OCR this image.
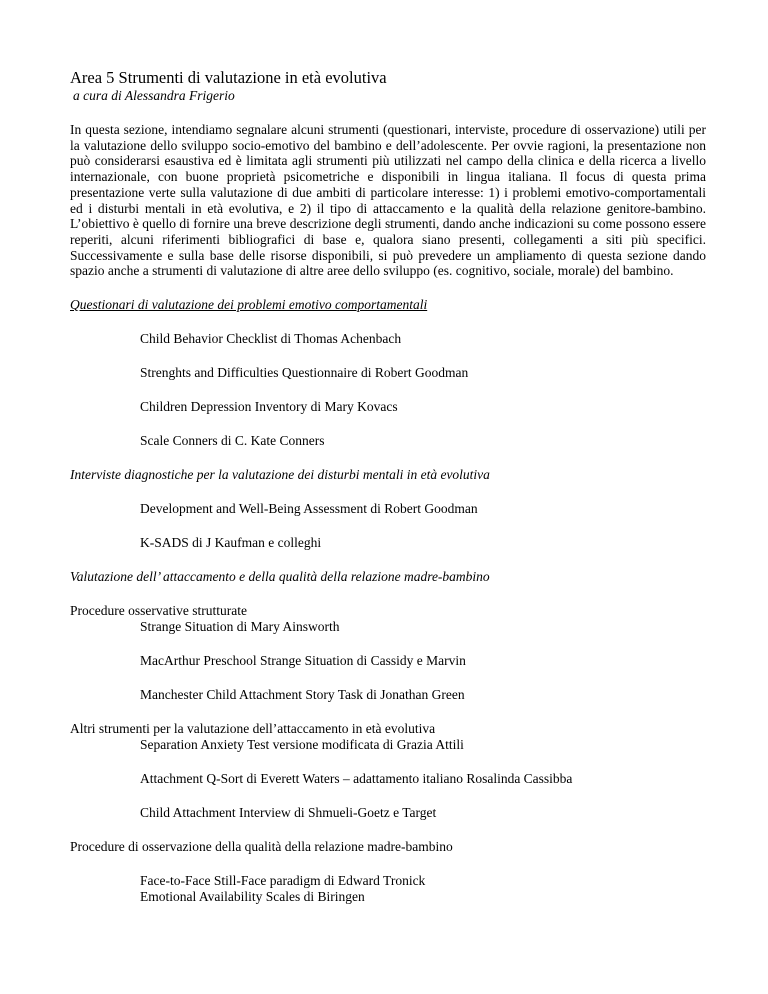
Area 5 Strumenti di valutazione in età evolutiva

a cura di Alessandra Frigerio

In questa sezione, intendiamo segnalare alcuni strumenti (questionari, interviste, procedure di osservazione) utili per la valutazione dello sviluppo socio-emotivo del bambino e dell’adolescente. Per ovvie ragioni, la presentazione non può considerarsi esaustiva ed è limitata agli strumenti più utilizzati nel campo della clinica e della ricerca a livello internazionale, con buone proprietà psicometriche e disponibili in lingua italiana. Il focus di questa prima presentazione verte sulla valutazione di due ambiti di particolare interesse: 1) i problemi emotivo-comportamentali ed i disturbi mentali in età evolutiva, e 2) il tipo di attaccamento e la qualità della relazione genitore-bambino. L’obiettivo è quello di fornire una breve descrizione degli strumenti, dando anche indicazioni su come possono essere reperiti, alcuni riferimenti bibliografici di base e, qualora siano presenti, collegamenti a siti più specifici. Successivamente e sulla base delle risorse disponibili, si può prevedere un ampliamento di questa sezione dando spazio anche a strumenti di valutazione di altre aree dello sviluppo (es. cognitivo, sociale, morale) del bambino.

Questionari di valutazione dei problemi emotivo comportamentali

Child Behavior Checklist di Thomas Achenbach

Strenghts and Difficulties Questionnaire di Robert Goodman

Children Depression Inventory di Mary Kovacs

Scale Conners di C. Kate Conners

Interviste diagnostiche per la valutazione dei disturbi mentali in età evolutiva

Development and Well-Being Assessment di Robert Goodman

K-SADS di J Kaufman e colleghi

Valutazione dell’ attaccamento e della qualità della relazione madre-bambino

Procedure osservative strutturate

Strange Situation di Mary Ainsworth

MacArthur Preschool Strange Situation di Cassidy e Marvin

Manchester Child Attachment Story Task di Jonathan Green

Altri strumenti per la valutazione dell’attaccamento in età evolutiva

Separation Anxiety Test versione modificata di Grazia Attili

Attachment Q-Sort di Everett Waters – adattamento italiano Rosalinda Cassibba

Child Attachment Interview di Shmueli-Goetz e Target

Procedure di osservazione della qualità della relazione madre-bambino

Face-to-Face Still-Face paradigm di Edward Tronick

Emotional Availability Scales di Biringen
